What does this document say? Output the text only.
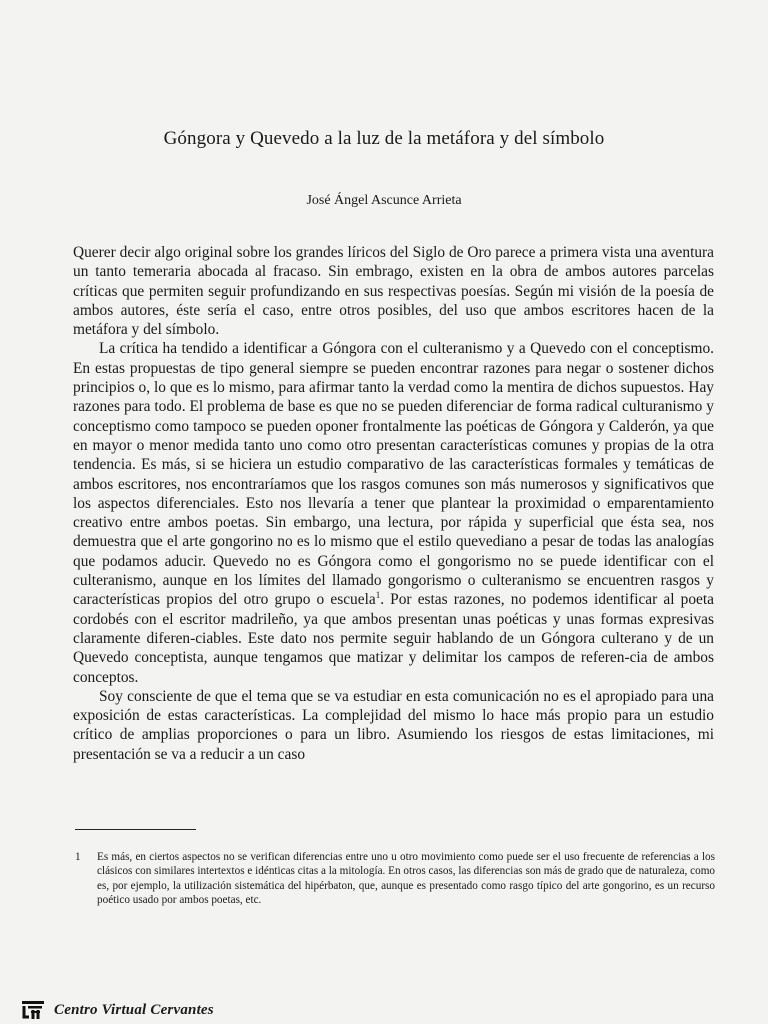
Góngora y Quevedo a la luz de la metáfora y del símbolo
José Ángel Ascunce Arrieta

Querer decir algo original sobre los grandes líricos del Siglo de Oro parece a primera vista una aventura un tanto temeraria abocada al fracaso. Sin embrago, existen en la obra de ambos autores parcelas críticas que permiten seguir profundizando en sus respectivas poesías. Según mi visión de la poesía de ambos autores, éste sería el caso, entre otros posibles, del uso que ambos escritores hacen de la metáfora y del símbolo.

La crítica ha tendido a identificar a Góngora con el culteranismo y a Quevedo con el conceptismo. En estas propuestas de tipo general siempre se pueden encontrar razones para negar o sostener dichos principios o, lo que es lo mismo, para afirmar tanto la verdad como la mentira de dichos supuestos. Hay razones para todo. El problema de base es que no se pueden diferenciar de forma radical culturanismo y conceptismo como tampoco se pueden oponer frontalmente las poéticas de Góngora y Calderón, ya que en mayor o menor medida tanto uno como otro presentan características comunes y propias de la otra tendencia. Es más, si se hiciera un estudio comparativo de las características formales y temáticas de ambos escritores, nos encontraríamos que los rasgos comunes son más numerosos y significativos que los aspectos diferenciales. Esto nos llevaría a tener que plantear la proximidad o emparentamiento creativo entre ambos poetas. Sin embargo, una lectura, por rápida y superficial que ésta sea, nos demuestra que el arte gongorino no es lo mismo que el estilo quevediano a pesar de todas las analogías que podamos aducir. Quevedo no es Góngora como el gongorismo no se puede identificar con el culteranismo, aunque en los límites del llamado gongorismo o culteranismo se encuentren rasgos y características propios del otro grupo o escuela$^1$. Por estas razones, no podemos identificar al poeta cordobés con el escritor madrileño, ya que ambos presentan unas poéticas y unas formas expresivas claramente diferen-ciables. Este dato nos permite seguir hablando de un Góngora culterano y de un Quevedo conceptista, aunque tengamos que matizar y delimitar los campos de referen-cia de ambos conceptos.

Soy consciente de que el tema que se va estudiar en esta comunicación no es el apropiado para una exposición de estas características. La complejidad del mismo lo hace más propio para un estudio crítico de amplias proporciones o para un libro. Asumiendo los riesgos de estas limitaciones, mi presentación se va a reducir a un caso

1	Es más, en ciertos aspectos no se verifican diferencias entre uno u otro movimiento como puede ser el uso frecuente de referencias a los clásicos con similares intertextos e idénticas citas a la mitología. En otros casos, las diferencias son más de grado que de naturaleza, como es, por ejemplo, la utilización sistemática del hipérbaton, que, aunque es presentado como rasgo típico del arte gongorino, es un recurso poético usado por ambos poetas, etc.
Centro Virtual Cervantes
